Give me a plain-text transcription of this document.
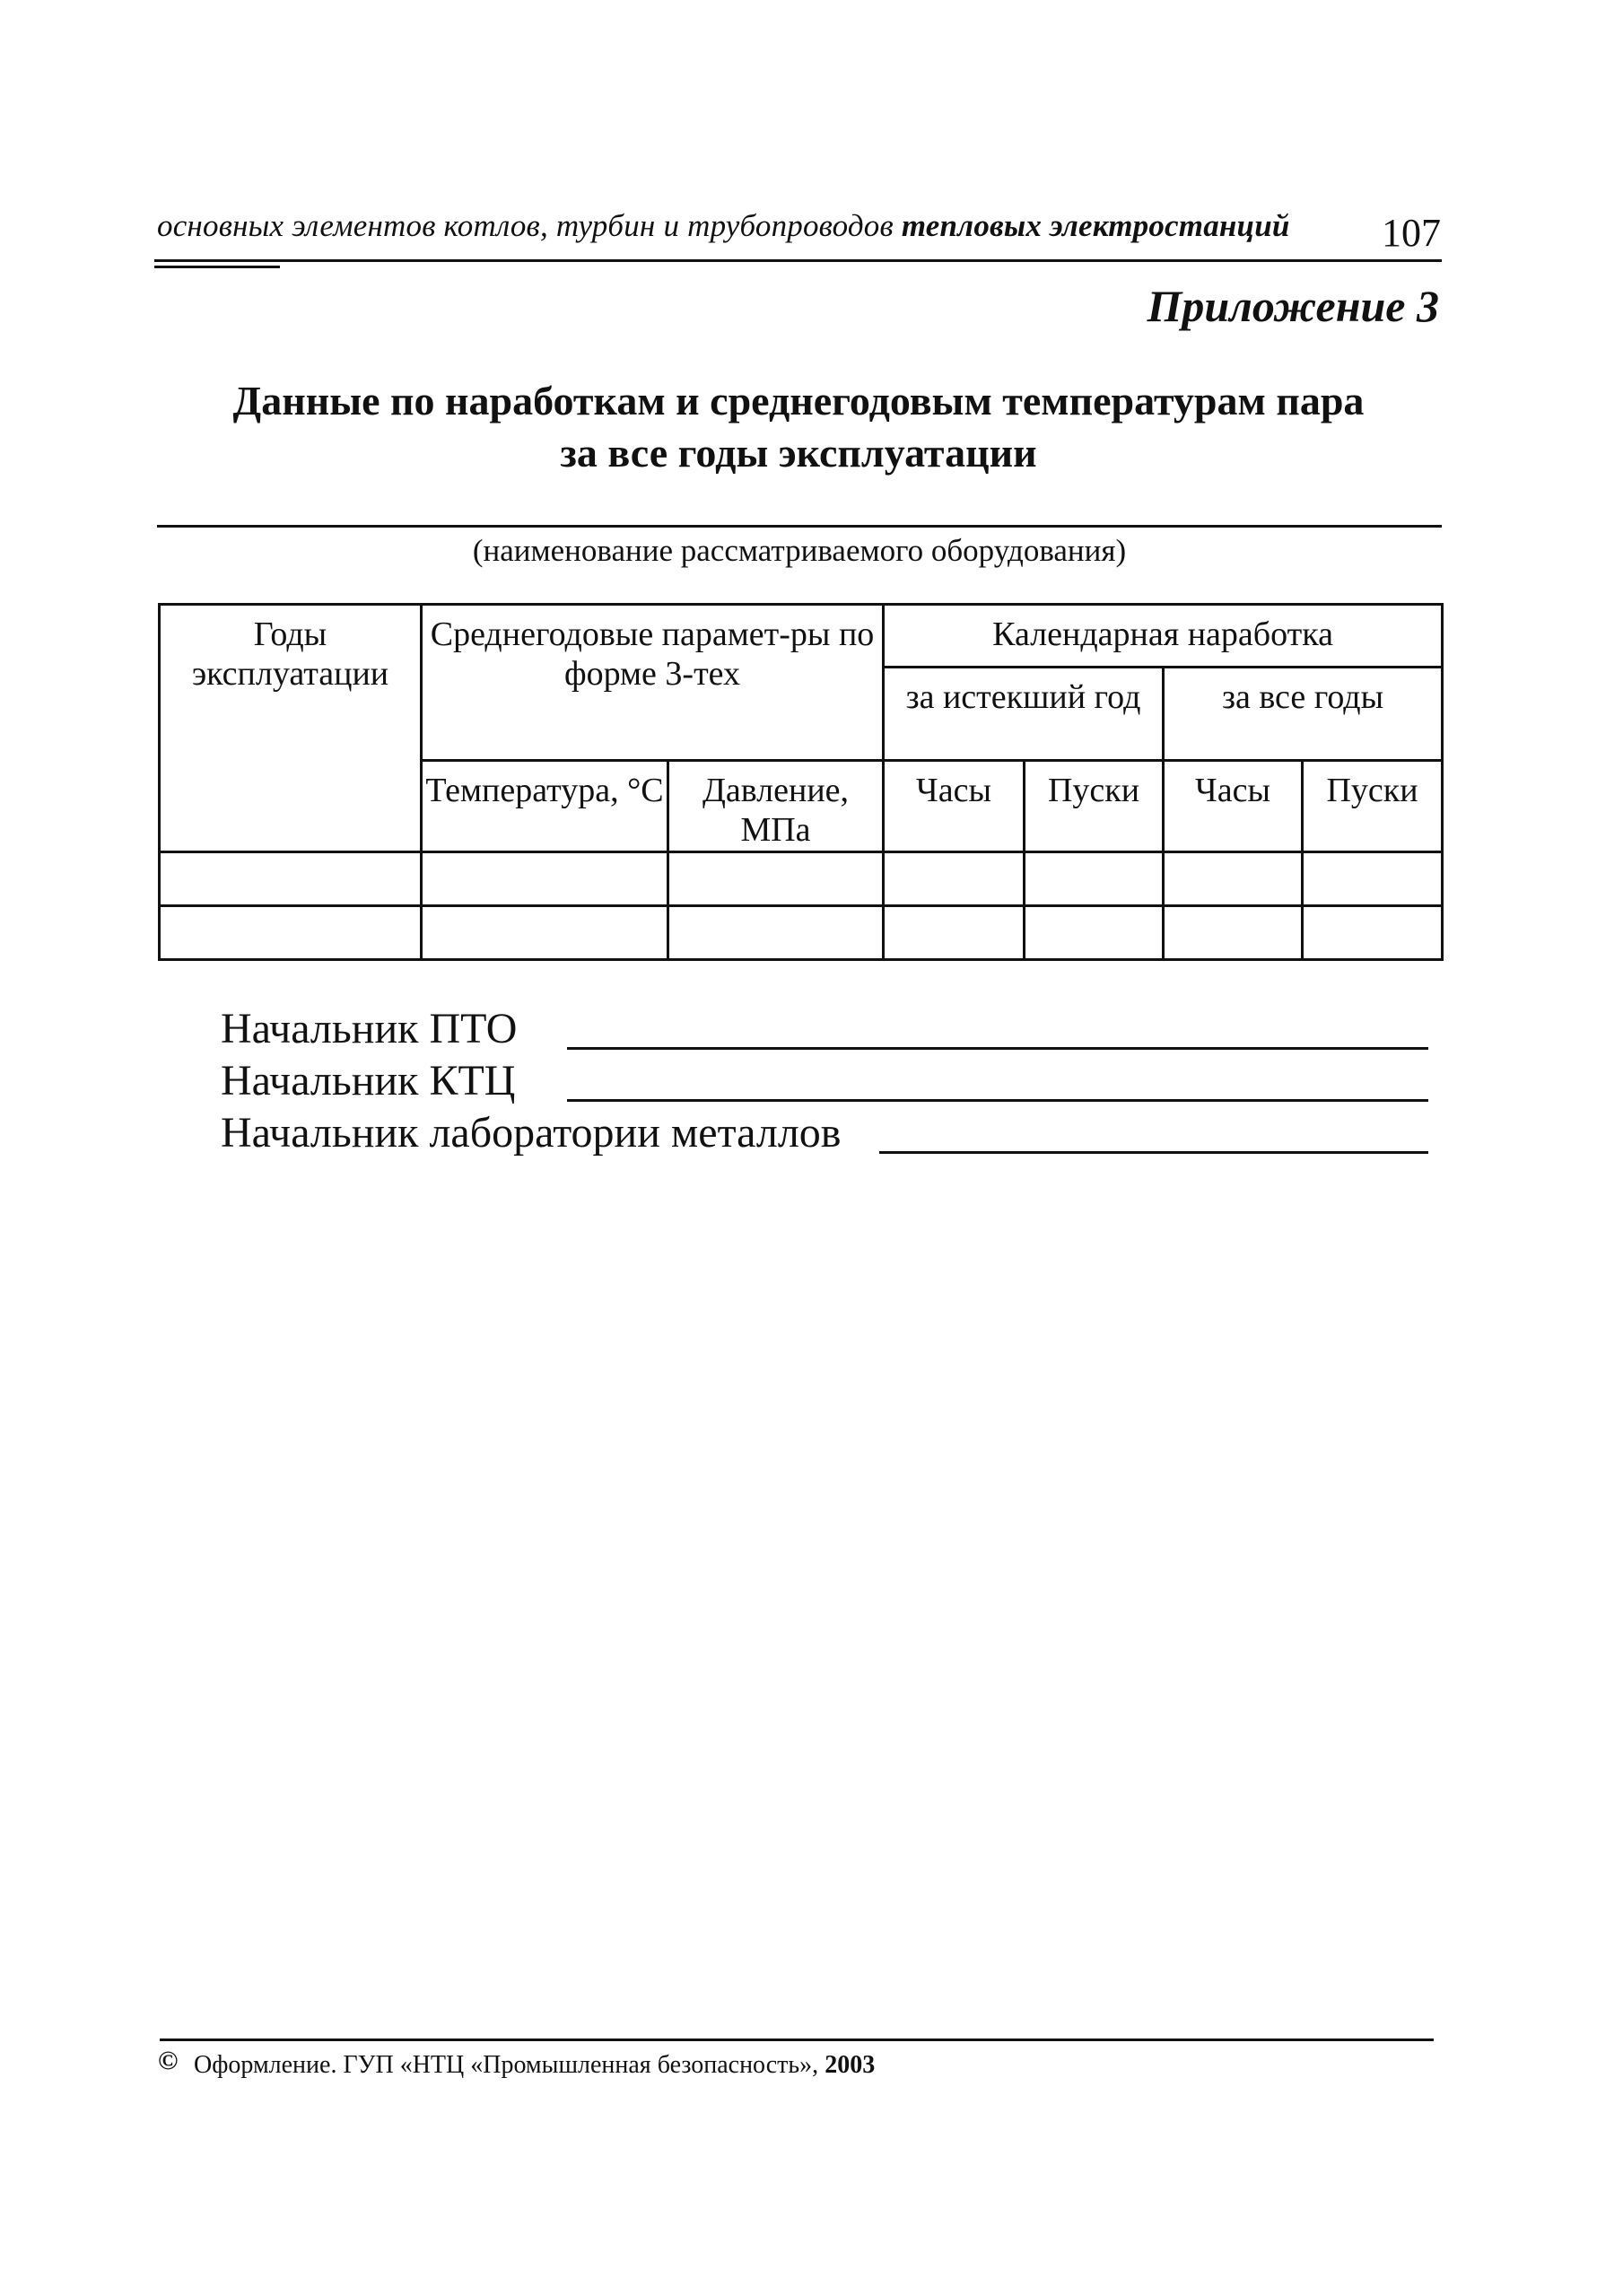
основных элементов котлов, турбин и трубопроводов тепловых электростанций	107
Приложение 3
Данные по наработкам и среднегодовым температурам пара
за все годы эксплуатации
(наименование рассматриваемого оборудования)
Годы эксплуатации	Среднегодовые парамет-ры по форме 3-тех		Календарная наработка			
			за истекший год		за все годы	
	Температура, °С	Давление, МПа	Часы	Пуски	Часы	Пуски

Начальник ПТО
Начальник КТЦ
Начальник лаборатории металлов
© Оформление. ГУП «НТЦ «Промышленная безопасность», 2003
